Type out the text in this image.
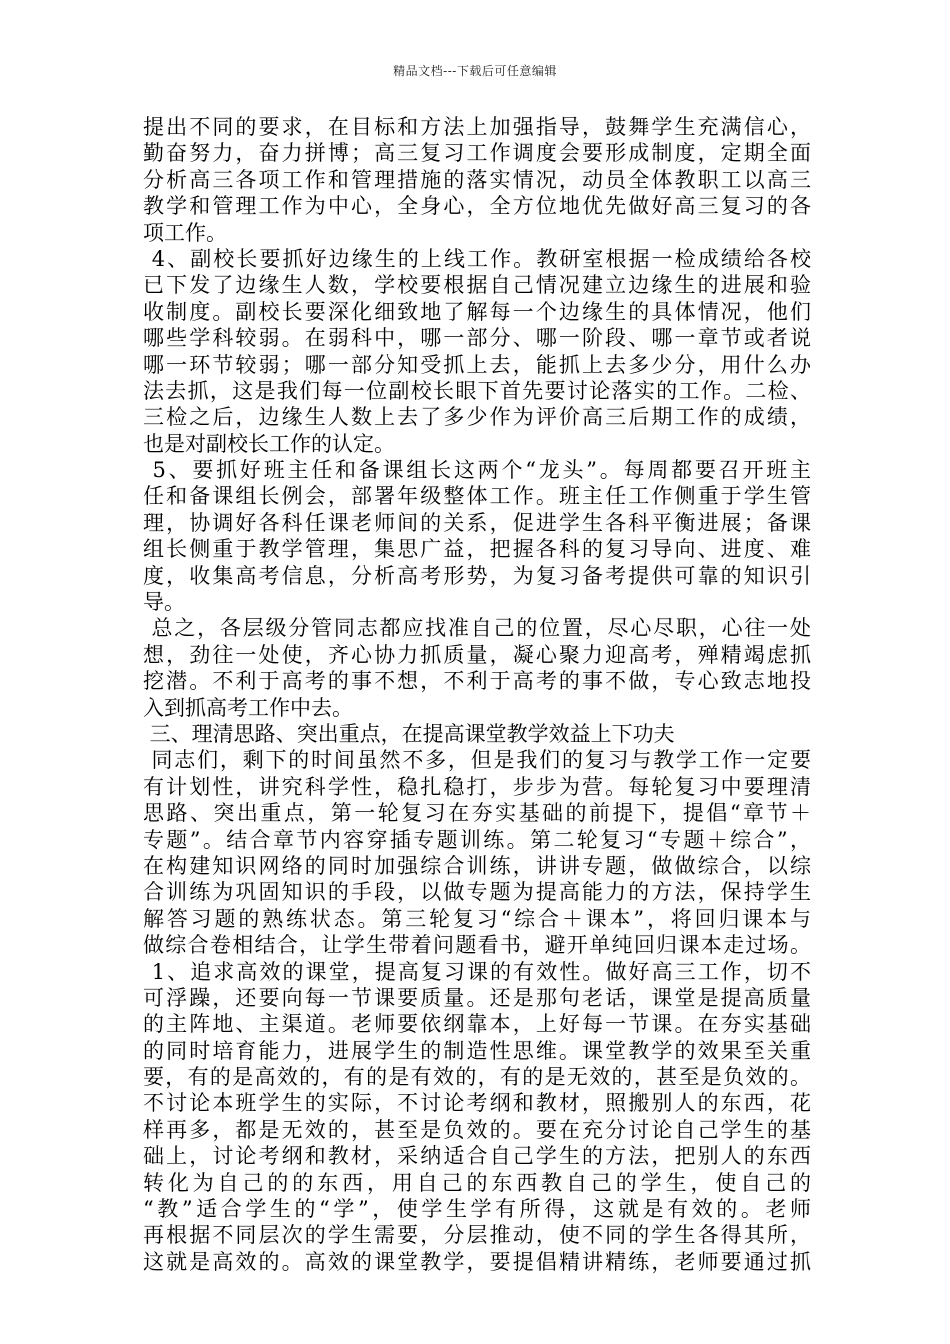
精品文档---下载后可任意编辑
提出不同的要求，在目标和方法上加强指导，鼓舞学生充满信心，
勤奋努力，奋力拼博；高三复习工作调度会要形成制度，定期全面
分析高三各项工作和管理措施的落实情况，动员全体教职工以高三
教学和管理工作为中心，全身心，全方位地优先做好高三复习的各
项工作。
4、副校长要抓好边缘生的上线工作。教研室根据一检成绩给各校
已下发了边缘生人数，学校要根据自己情况建立边缘生的进展和验
收制度。副校长要深化细致地了解每一个边缘生的具体情况，他们
哪些学科较弱。在弱科中，哪一部分、哪一阶段、哪一章节或者说
哪一环节较弱；哪一部分知受抓上去，能抓上去多少分，用什么办
法去抓，这是我们每一位副校长眼下首先要讨论落实的工作。二检、
三检之后，边缘生人数上去了多少作为评价高三后期工作的成绩，
也是对副校长工作的认定。
5、要抓好班主任和备课组长这两个“龙头”。每周都要召开班主
任和备课组长例会，部署年级整体工作。班主任工作侧重于学生管
理，协调好各科任课老师间的关系，促进学生各科平衡进展；备课
组长侧重于教学管理，集思广益，把握各科的复习导向、进度、难
度，收集高考信息，分析高考形势，为复习备考提供可靠的知识引
导。
总之，各层级分管同志都应找准自己的位置，尽心尽职，心往一处
想，劲往一处使，齐心协力抓质量，凝心聚力迎高考，殚精竭虑抓
挖潜。不利于高考的事不想，不利于高考的事不做，专心致志地投
入到抓高考工作中去。
三、理清思路、突出重点，在提高课堂教学效益上下功夫
同志们，剩下的时间虽然不多，但是我们的复习与教学工作一定要
有计划性，讲究科学性，稳扎稳打，步步为营。每轮复习中要理清
思路、突出重点，第一轮复习在夯实基础的前提下，提倡“章节＋
专题”。结合章节内容穿插专题训练。第二轮复习“专题＋综合”，
在构建知识网络的同时加强综合训练，讲讲专题，做做综合，以综
合训练为巩固知识的手段，以做专题为提高能力的方法，保持学生
解答习题的熟练状态。第三轮复习“综合＋课本”，将回归课本与
做综合卷相结合，让学生带着问题看书，避开单纯回归课本走过场。
1、追求高效的课堂，提高复习课的有效性。做好高三工作，切不
可浮躁，还要向每一节课要质量。还是那句老话，课堂是提高质量
的主阵地、主渠道。老师要依纲靠本，上好每一节课。在夯实基础
的同时培育能力，进展学生的制造性思维。课堂教学的效果至关重
要，有的是高效的，有的是有效的，有的是无效的，甚至是负效的。
不讨论本班学生的实际，不讨论考纲和教材，照搬别人的东西，花
样再多，都是无效的，甚至是负效的。要在充分讨论自己学生的基
础上，讨论考纲和教材，采纳适合自己学生的方法，把别人的东西
转化为自己的的东西，用自己的东西教自己的学生，使自己的
“教”适合学生的“学”，使学生学有所得，这就是有效的。老师
再根据不同层次的学生需要，分层推动，使不同的学生各得其所，
这就是高效的。高效的课堂教学，要提倡精讲精练，老师要通过抓
